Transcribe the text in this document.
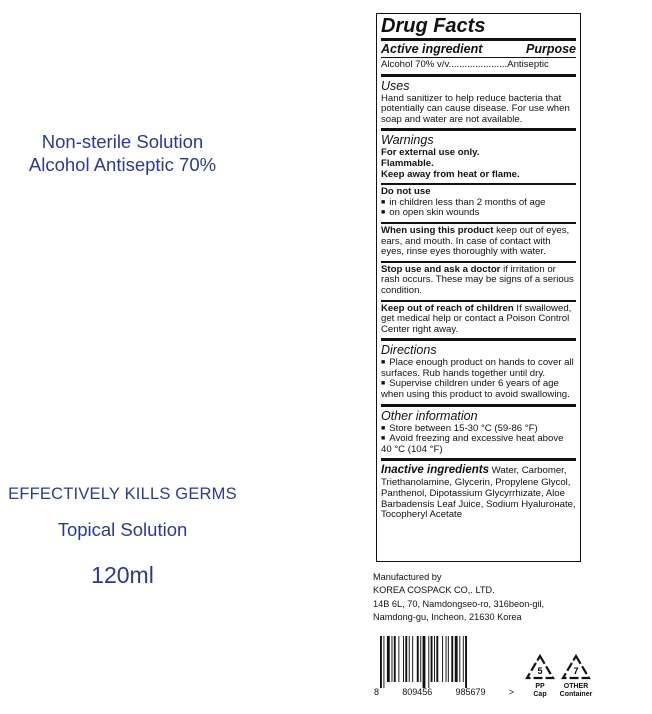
Non-sterile Solution
Alcohol Antiseptic 70%
EFFECTIVELY KILLS GERMS
Topical Solution
120ml
Drug Facts
Active ingredient	Purpose
Alcohol 70% v/v......................Antiseptic
Uses
Hand sanitizer to help reduce bacteria that potentially can cause disease. For use when soap and water are not available.
Warnings
For external use only.
Flammable.
Keep away from heat or flame.
Do not use
■ in children less than 2 months of age
■ on open skin wounds
When using this product keep out of eyes, ears, and mouth. In case of contact with eyes, rinse eyes thoroughly with water.
Stop use and ask a doctor if irritation or rash occurs. These may be signs of a serious condition.
Keep out of reach of children If swallowed, get medical help or contact a Poison Control Center right away.
Directions
■ Place enough product on hands to cover all surfaces. Rub hands together until dry.
■ Supervise children under 6 years of age when using this product to avoid swallowing.
Other information
■ Store between 15-30 °C (59-86 °F)
■ Avoid freezing and excessive heat above 40 °C (104 °F)
Inactive ingredients Water, Carbomer, Triethanolamine, Glycerin, Propylene Glycol, Panthenol, Dipotassium Glycyrrhizate, Aloe Barbadensis Leaf Juice, Sodium Hyalurонate, Tocopheryl Acetate
Manufactured by
KOREA COSPACK CO,. LTD.
14B 6L, 70, Namdongseo-ro, 316beon-gil,
Namdong-gu, Incheon, 21630 Korea
8	809456	985679	>
5
PP
Cap
7
OTHER
Container
